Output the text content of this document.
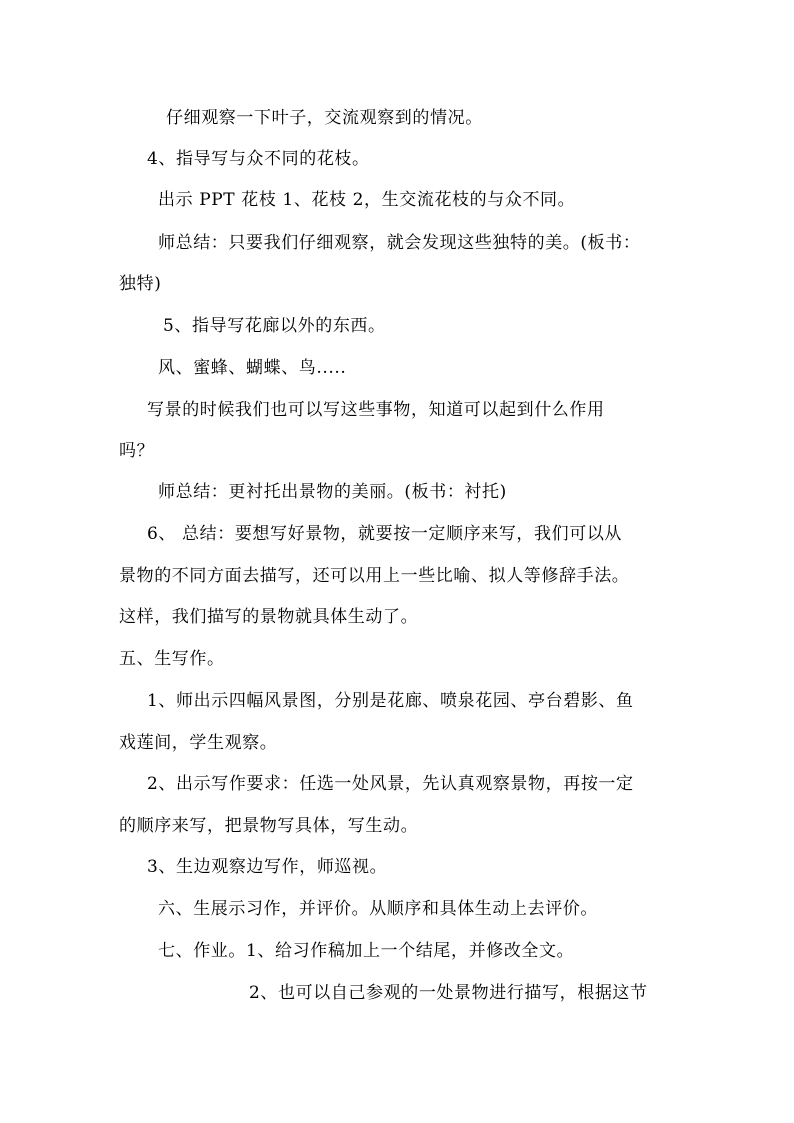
仔细观察一下叶子，交流观察到的情况。
4、指导写与众不同的花枝。
出示 PPT 花枝 1、花枝 2，生交流花枝的与众不同。
师总结：只要我们仔细观察，就会发现这些独特的美。(板书：
独特)
5、指导写花廊以外的东西。
风、蜜蜂、蝴蝶、鸟.....
写景的时候我们也可以写这些事物，知道可以起到什么作用
吗？
师总结：更衬托出景物的美丽。(板书：衬托)
6、 总结：要想写好景物，就要按一定顺序来写，我们可以从
景物的不同方面去描写，还可以用上一些比喻、拟人等修辞手法。
这样，我们描写的景物就具体生动了。
五、生写作。
1、师出示四幅风景图，分别是花廊、喷泉花园、亭台碧影、鱼
戏莲间，学生观察。
2、出示写作要求：任选一处风景，先认真观察景物，再按一定
的顺序来写，把景物写具体，写生动。
3、生边观察边写作，师巡视。
六、生展示习作，并评价。从顺序和具体生动上去评价。
七、作业。1、给习作稿加上一个结尾，并修改全文。
2、也可以自己参观的一处景物进行描写，根据这节
